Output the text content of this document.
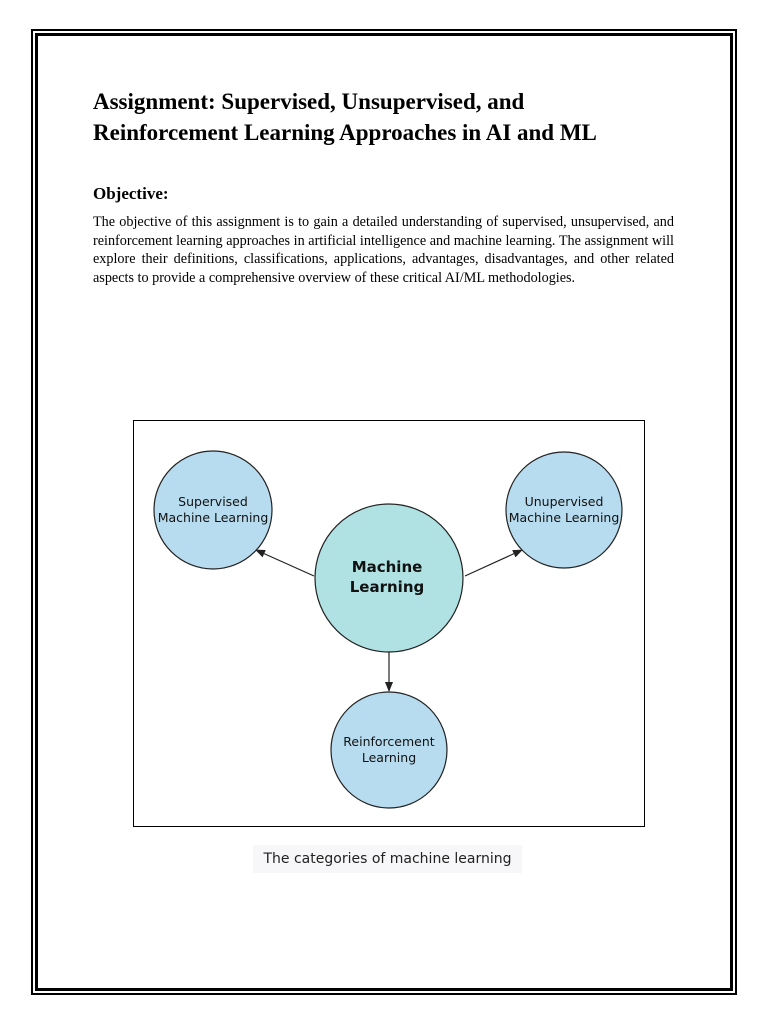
Assignment: Supervised, Unsupervised, and
Reinforcement Learning Approaches in AI and ML
Objective:

The objective of this assignment is to gain a detailed understanding of supervised, unsupervised, and reinforcement learning approaches in artificial intelligence and machine learning. The assignment will explore their definitions, classifications, applications, advantages, disadvantages, and other related aspects to provide a comprehensive overview of these critical AI/ML methodologies.

Supervised
Machine Learning
Unupervised
Machine Learning
Machine
Learning
Reinforcement
Learning
The categories of machine learning
